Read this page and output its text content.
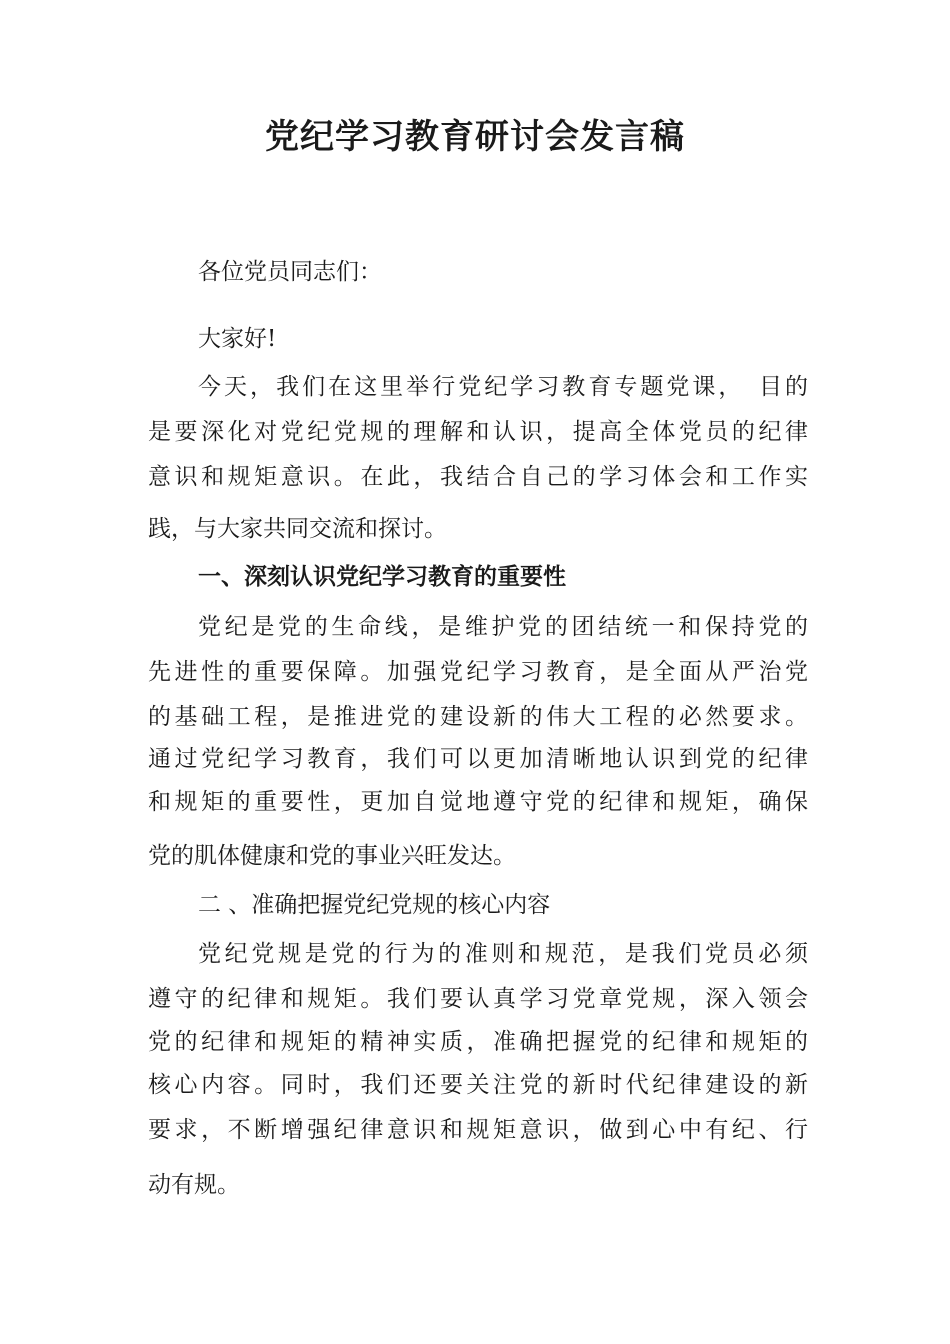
党纪学习教育研讨会发言稿
各位党员同志们：
大家好!
今天，我们在这里举行党纪学习教育专题党课，　目的
是要深化对党纪党规的理解和认识，提高全体党员的纪律
意识和规矩意识。在此，我结合自己的学习体会和工作实
践，与大家共同交流和探讨。
一、深刻认识党纪学习教育的重要性
党纪是党的生命线，是维护党的团结统一和保持党的
先进性的重要保障。加强党纪学习教育，是全面从严治党
的基础工程，是推进党的建设新的伟大工程的必然要求。
通过党纪学习教育，我们可以更加清晰地认识到党的纪律
和规矩的重要性，更加自觉地遵守党的纪律和规矩，确保
党的肌体健康和党的事业兴旺发达。
二 、准确把握党纪党规的核心内容
党纪党规是党的行为的准则和规范，是我们党员必须
遵守的纪律和规矩。我们要认真学习党章党规，深入领会
党的纪律和规矩的精神实质，准确把握党的纪律和规矩的
核心内容。同时，我们还要关注党的新时代纪律建设的新
要求，不断增强纪律意识和规矩意识，做到心中有纪、行
动有规。
